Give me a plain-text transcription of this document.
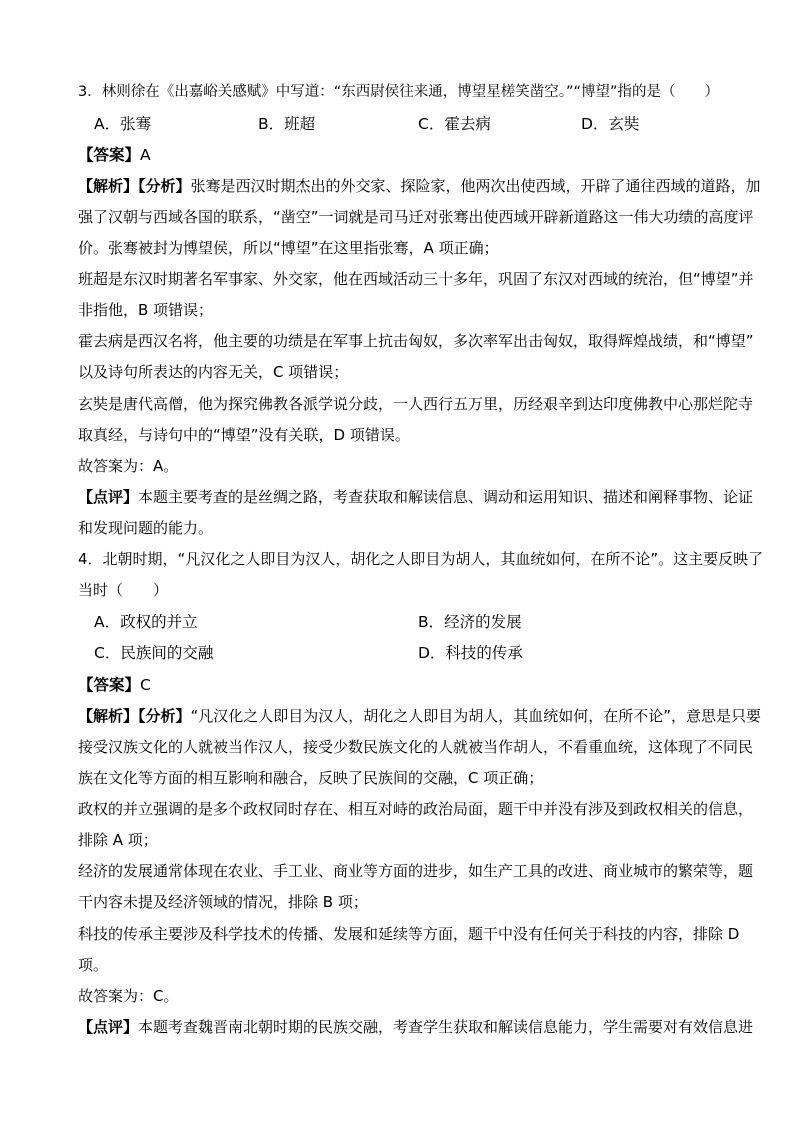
3．林则徐在《出嘉峪关感赋》中写道：“东西尉侯往来通，博望星槎笑凿空。”“博望”指的是（　　）
A．张骞	B．班超	C．霍去病	D．玄奘
【答案】A
【解析】【分析】张骞是西汉时期杰出的外交家、探险家，他两次出使西域，开辟了通往西域的道路，加
强了汉朝与西域各国的联系，“凿空”一词就是司马迁对张骞出使西域开辟新道路这一伟大功绩的高度评
价。张骞被封为博望侯，所以“博望”在这里指张骞，A 项正确；
班超是东汉时期著名军事家、外交家，他在西域活动三十多年，巩固了东汉对西域的统治，但“博望”并
非指他，B 项错误；
霍去病是西汉名将，他主要的功绩是在军事上抗击匈奴，多次率军出击匈奴，取得辉煌战绩，和“博望”
以及诗句所表达的内容无关，C 项错误；
玄奘是唐代高僧，他为探究佛教各派学说分歧，一人西行五万里，历经艰辛到达印度佛教中心那烂陀寺
取真经，与诗句中的“博望”没有关联，D 项错误。
故答案为：A。
【点评】本题主要考查的是丝绸之路，考查获取和解读信息、调动和运用知识、描述和阐释事物、论证
和发现问题的能力。
4．北朝时期，“凡汉化之人即目为汉人，胡化之人即目为胡人，其血统如何，在所不论”。这主要反映了
当时（　　）
A．政权的并立	B．经济的发展
C．民族间的交融	D．科技的传承
【答案】C
【解析】【分析】“凡汉化之人即目为汉人，胡化之人即目为胡人，其血统如何，在所不论”，意思是只要
接受汉族文化的人就被当作汉人，接受少数民族文化的人就被当作胡人，不看重血统，这体现了不同民
族在文化等方面的相互影响和融合，反映了民族间的交融，C 项正确；
政权的并立强调的是多个政权同时存在、相互对峙的政治局面，题干中并没有涉及到政权相关的信息，
排除 A 项；
经济的发展通常体现在农业、手工业、商业等方面的进步，如生产工具的改进、商业城市的繁荣等，题
干内容未提及经济领域的情况，排除 B 项；
科技的传承主要涉及科学技术的传播、发展和延续等方面，题干中没有任何关于科技的内容，排除 D
项。
故答案为：C。
【点评】本题考查魏晋南北朝时期的民族交融，考查学生获取和解读信息能力，学生需要对有效信息进
